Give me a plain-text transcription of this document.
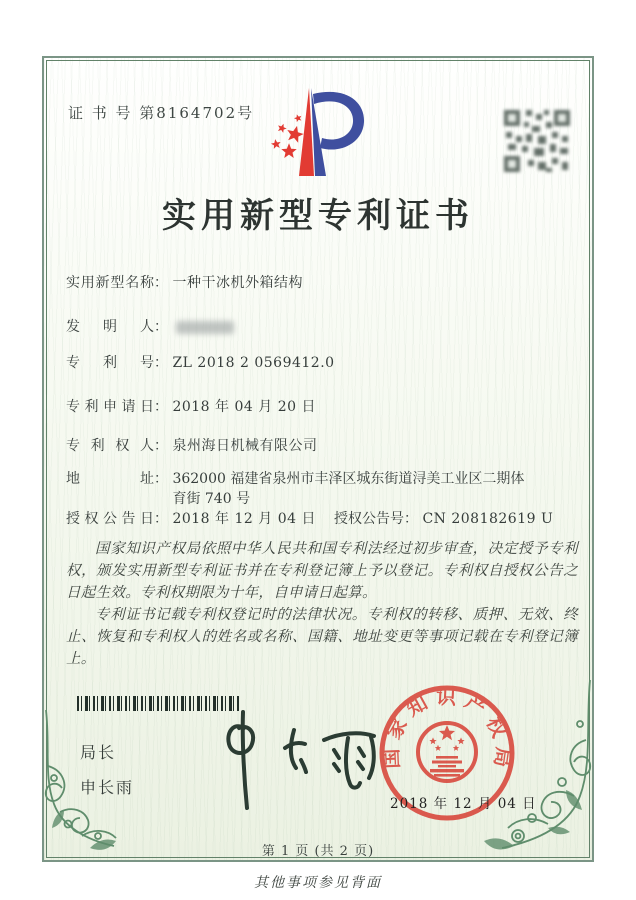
证 书 号 第8164702号
实用新型专利证书
实用新型名称： 一种干冰机外箱结构
发明人：
专利号： ZL 2018 2 0569412.0
专利申请日： 2018 年 04 月 20 日
专利权人： 泉州海日机械有限公司
地址： 362000 福建省泉州市丰泽区城东街道浔美工业区二期体
育街 740 号
授权公告日： 2018 年 12 月 04 日 授权公告号： CN 208182619 U

国家知识产权局依照中华人民共和国专利法经过初步审查，决定授予专利权，颁发实用新型专利证书并在专利登记簿上予以登记。专利权自授权公告之日起生效。专利权期限为十年，自申请日起算。

专利证书记载专利权登记时的法律状况。专利权的转移、质押、无效、终止、恢复和专利权人的姓名或名称、国籍、地址变更等事项记载在专利登记簿上。

局长
申长雨
国家知识产权局
2018 年 12 月 04 日
第 1 页 (共 2 页)
其他事项参见背面
